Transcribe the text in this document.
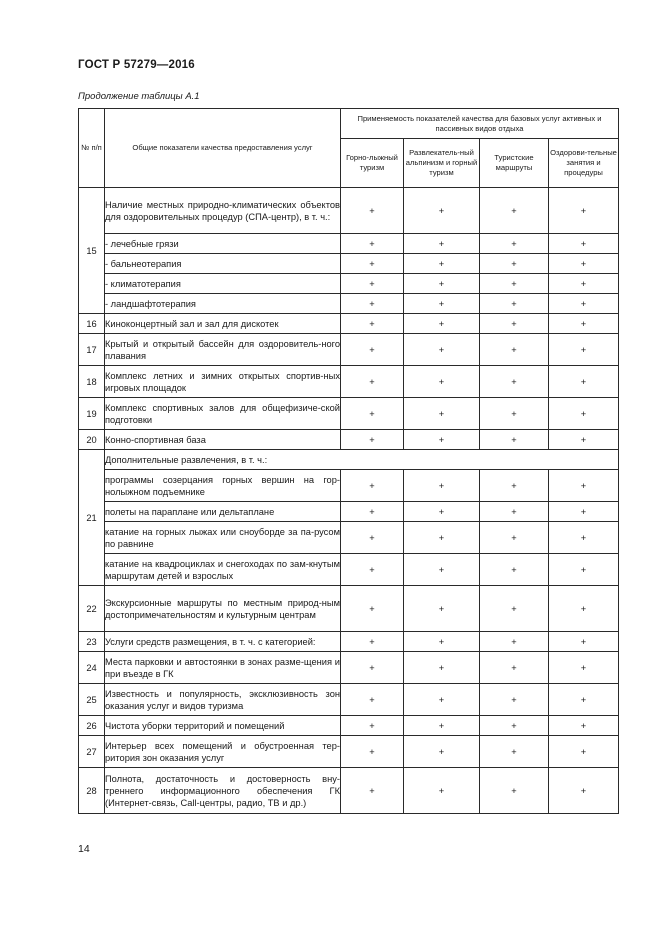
ГОСТ Р 57279—2016
Продолжение таблицы А.1
№ п/п	Общие показатели качества предоставления услуг	Применяемость показателей качества для базовых услуг активных и пассивных видов отдыха			
		Горно-лыжный туризм	Развлекатель-ный альпинизм и горный туризм	Туристские маршруты	Оздорови-тельные занятия и процедуры
15	Наличие местных природно-климатических объектов для оздоровительных процедур (СПА-центр), в т. ч.:	+	+	+	+
	- лечебные грязи	+	+	+	+
	- бальнеотерапия	+	+	+	+
	- климатотерапия	+	+	+	+
	- ландшафтотерапия	+	+	+	+
16	Киноконцертный зал и зал для дискотек	+	+	+	+
17	Крытый и открытый бассейн для оздоровитель-ного плавания	+	+	+	+
18	Комплекс летних и зимних открытых спортив-ных игровых площадок	+	+	+	+
19	Комплекс спортивных залов для общефизиче-ской подготовки	+	+	+	+
20	Конно-спортивная база	+	+	+	+
21	Дополнительные развлечения, в т. ч.:				
	программы созерцания горных вершин на гор-нолыжном подъемнике	+	+	+	+
	полеты на параплане или дельтаплане	+	+	+	+
	катание на горных лыжах или сноуборде за па-русом по равнине	+	+	+	+
	катание на квадроциклах и снегоходах по зам-кнутым маршрутам детей и взрослых	+	+	+	+
22	Экскурсионные маршруты по местным природ-ным достопримечательностям и культурным центрам	+	+	+	+
23	Услуги средств размещения, в т. ч. с категорией:	+	+	+	+
24	Места парковки и автостоянки в зонах разме-щения и при въезде в ГК	+	+	+	+
25	Известность и популярность, эксклюзивность зон оказания услуг и видов туризма	+	+	+	+
26	Чистота уборки территорий и помещений	+	+	+	+
27	Интерьер всех помещений и обустроенная тер-ритория зон оказания услуг	+	+	+	+
28	Полнота, достаточность и достоверность вну-треннего информационного обеспечения ГК (Интернет-связь, Call-центры, радио, ТВ и др.)	+	+	+	+
14
